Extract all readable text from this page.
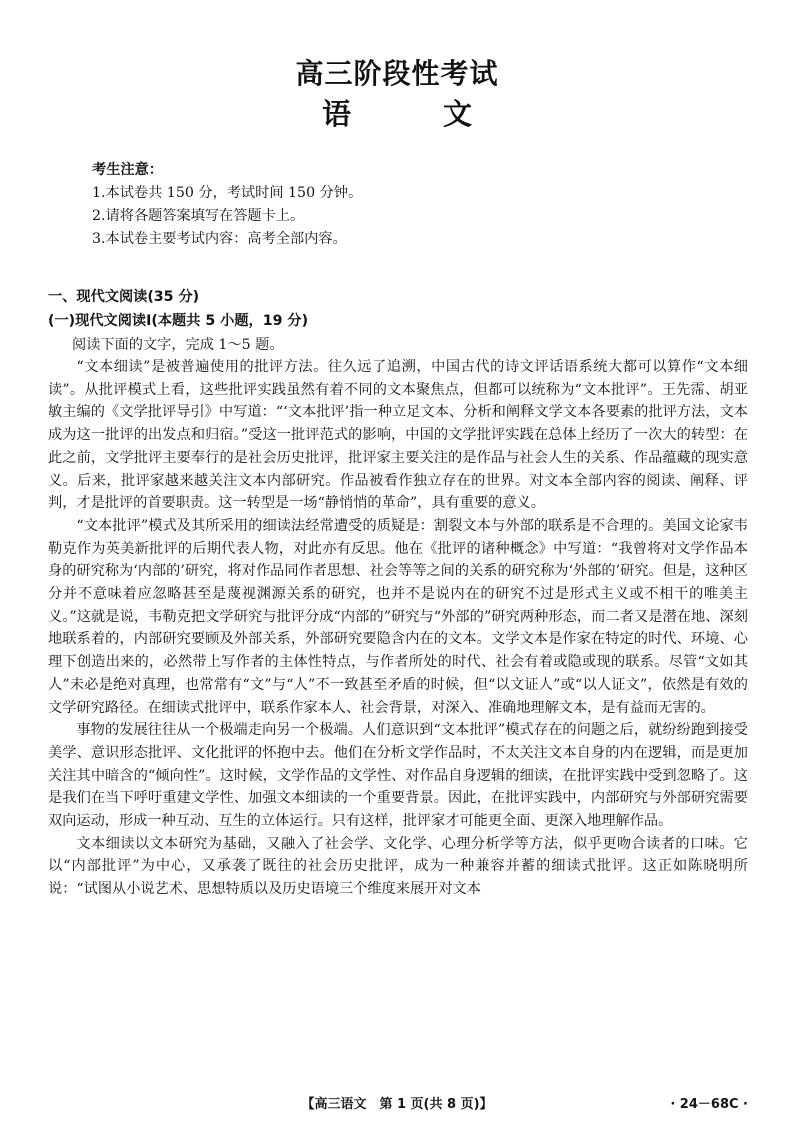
高三阶段性考试
语	文
考生注意：
1.本试卷共 150 分，考试时间 150 分钟。
2.请将各题答案填写在答题卡上。
3.本试卷主要考试内容：高考全部内容。
一、现代文阅读(35 分)
(一)现代文阅读Ⅰ(本题共 5 小题，19 分)
阅读下面的文字，完成 1～5 题。

“文本细读”是被普遍使用的批评方法。往久远了追溯，中国古代的诗文评话语系统大都可以算作“文本细读”。从批评模式上看，这些批评实践虽然有着不同的文本聚焦点，但都可以统称为“文本批评”。王先霈、胡亚敏主编的《文学批评导引》中写道：“‘文本批评’指一种立足文本、分析和阐释文学文本各要素的批评方法，文本成为这一批评的出发点和归宿。”受这一批评范式的影响，中国的文学批评实践在总体上经历了一次大的转型：在此之前，文学批评主要奉行的是社会历史批评，批评家主要关注的是作品与社会人生的关系、作品蕴藏的现实意义。后来，批评家越来越关注文本内部研究。作品被看作独立存在的世界。对文本全部内容的阅读、阐释、评判，才是批评的首要职责。这一转型是一场“静悄悄的革命”，具有重要的意义。

“文本批评”模式及其所采用的细读法经常遭受的质疑是：割裂文本与外部的联系是不合理的。美国文论家韦勒克作为英美新批评的后期代表人物，对此亦有反思。他在《批评的诸种概念》中写道：“我曾将对文学作品本身的研究称为‘内部的’研究，将对作品同作者思想、社会等等之间的关系的研究称为‘外部的’研究。但是，这种区分并不意味着应忽略甚至是蔑视渊源关系的研究，也并不是说内在的研究不过是形式主义或不相干的唯美主义。”这就是说，韦勒克把文学研究与批评分成“内部的”研究与“外部的”研究两种形态，而二者又是潜在地、深刻地联系着的，内部研究要顾及外部关系，外部研究要隐含内在的文本。文学文本是作家在特定的时代、环境、心理下创造出来的，必然带上写作者的主体性特点，与作者所处的时代、社会有着或隐或现的联系。尽管“文如其人”未必是绝对真理，也常常有“文”与“人”不一致甚至矛盾的时候，但“以文证人”或“以人证文”，依然是有效的文学研究路径。在细读式批评中，联系作家本人、社会背景，对深入、准确地理解文本，是有益而无害的。

事物的发展往往从一个极端走向另一个极端。人们意识到“文本批评”模式存在的问题之后，就纷纷跑到接受美学、意识形态批评、文化批评的怀抱中去。他们在分析文学作品时，不太关注文本自身的内在逻辑，而是更加关注其中暗含的“倾向性”。这时候，文学作品的文学性、对作品自身逻辑的细读，在批评实践中受到忽略了。这是我们在当下呼吁重建文学性、加强文本细读的一个重要背景。因此，在批评实践中，内部研究与外部研究需要双向运动，形成一种互动、互生的立体运行。只有这样，批评家才可能更全面、更深入地理解作品。

文本细读以文本研究为基础，又融入了社会学、文化学、心理分析学等方法，似乎更吻合读者的口味。它以“内部批评”为中心，又承袭了既往的社会历史批评，成为一种兼容并蓄的细读式批评。这正如陈晓明所说：“试图从小说艺术、思想特质以及历史语境三个维度来展开对文本

【高三语文　第 1 页(共 8 页)】	· 24－68C ·
